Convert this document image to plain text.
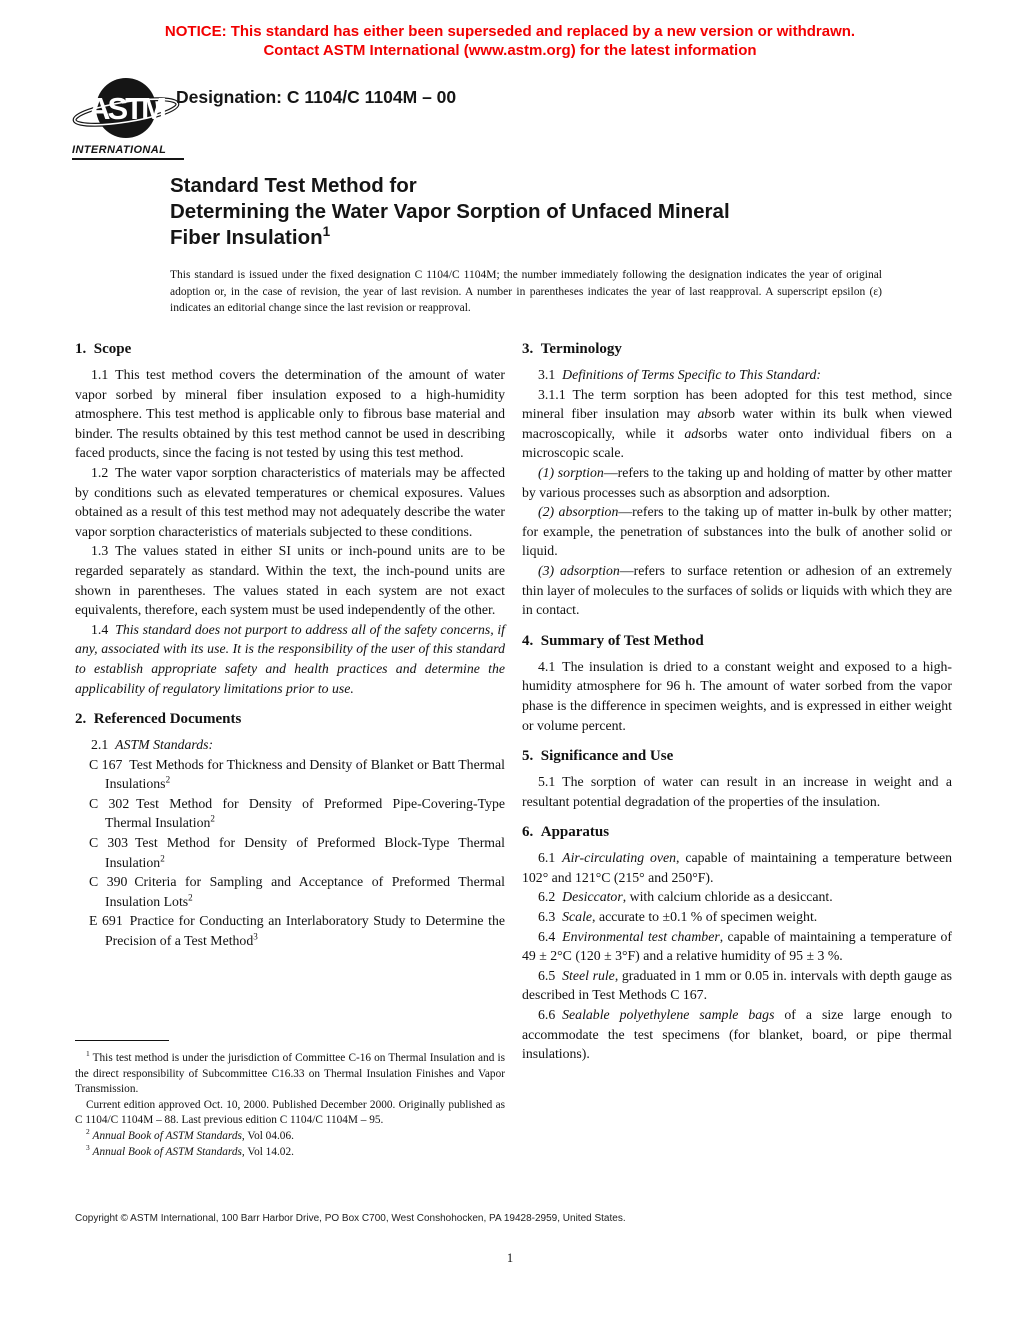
NOTICE: This standard has either been superseded and replaced by a new version or withdrawn.
Contact ASTM International (www.astm.org) for the latest information
ASTM
INTERNATIONAL
Designation: C 1104/C 1104M – 00
Standard Test Method for
Determining the Water Vapor Sorption of Unfaced Mineral
Fiber Insulation$^1$
This standard is issued under the fixed designation C 1104/C 1104M; the number immediately following the designation indicates the year of original adoption or, in the case of revision, the year of last revision. A number in parentheses indicates the year of last reapproval. A superscript epsilon (ε) indicates an editorial change since the last revision or reapproval.
1. Scope

1.1 This test method covers the determination of the amount of water vapor sorbed by mineral fiber insulation exposed to a high-humidity atmosphere. This test method is applicable only to fibrous base material and binder. The results obtained by this test method cannot be used in describing faced products, since the facing is not tested by using this test method.

1.2 The water vapor sorption characteristics of materials may be affected by conditions such as elevated temperatures or chemical exposures. Values obtained as a result of this test method may not adequately describe the water vapor sorption characteristics of materials subjected to these conditions.

1.3 The values stated in either SI units or inch-pound units are to be regarded separately as standard. Within the text, the inch-pound units are shown in parentheses. The values stated in each system are not exact equivalents, therefore, each system must be used independently of the other.

1.4 This standard does not purport to address all of the safety concerns, if any, associated with its use. It is the responsibility of the user of this standard to establish appropriate safety and health practices and determine the applicability of regulatory limitations prior to use.

2. Referenced Documents

2.1 ASTM Standards:

C 167 Test Methods for Thickness and Density of Blanket or Batt Thermal Insulations$^2$

C 302 Test Method for Density of Preformed Pipe-Covering-Type Thermal Insulation$^2$

C 303 Test Method for Density of Preformed Block-Type Thermal Insulation$^2$

C 390 Criteria for Sampling and Acceptance of Preformed Thermal Insulation Lots$^2$

E 691 Practice for Conducting an Interlaboratory Study to Determine the Precision of a Test Method$^3$

$^1$ This test method is under the jurisdiction of Committee C-16 on Thermal Insulation and is the direct responsibility of Subcommittee C16.33 on Thermal Insulation Finishes and Vapor Transmission.

Current edition approved Oct. 10, 2000. Published December 2000. Originally published as C 1104/C 1104M – 88. Last previous edition C 1104/C 1104M – 95.

$^2$ Annual Book of ASTM Standards, Vol 04.06.

$^3$ Annual Book of ASTM Standards, Vol 14.02.

3. Terminology

3.1 Definitions of Terms Specific to This Standard:

3.1.1 The term sorption has been adopted for this test method, since mineral fiber insulation may absorb water within its bulk when viewed macroscopically, while it adsorbs water onto individual fibers on a microscopic scale.

(1) sorption—refers to the taking up and holding of matter by other matter by various processes such as absorption and adsorption.

(2) absorption—refers to the taking up of matter in-bulk by other matter; for example, the penetration of substances into the bulk of another solid or liquid.

(3) adsorption—refers to surface retention or adhesion of an extremely thin layer of molecules to the surfaces of solids or liquids with which they are in contact.

4. Summary of Test Method

4.1 The insulation is dried to a constant weight and exposed to a high-humidity atmosphere for 96 h. The amount of water sorbed from the vapor phase is the difference in specimen weights, and is expressed in either weight or volume percent.

5. Significance and Use

5.1 The sorption of water can result in an increase in weight and a resultant potential degradation of the properties of the insulation.

6. Apparatus

6.1 Air-circulating oven, capable of maintaining a temperature between 102° and 121°C (215° and 250°F).

6.2 Desiccator, with calcium chloride as a desiccant.

6.3 Scale, accurate to ±0.1 % of specimen weight.

6.4 Environmental test chamber, capable of maintaining a temperature of 49 ± 2°C (120 ± 3°F) and a relative humidity of 95 ± 3 %.

6.5 Steel rule, graduated in 1 mm or 0.05 in. intervals with depth gauge as described in Test Methods C 167.

6.6 Sealable polyethylene sample bags of a size large enough to accommodate the test specimens (for blanket, board, or pipe thermal insulations).

Copyright © ASTM International, 100 Barr Harbor Drive, PO Box C700, West Conshohocken, PA 19428-2959, United States.
1
